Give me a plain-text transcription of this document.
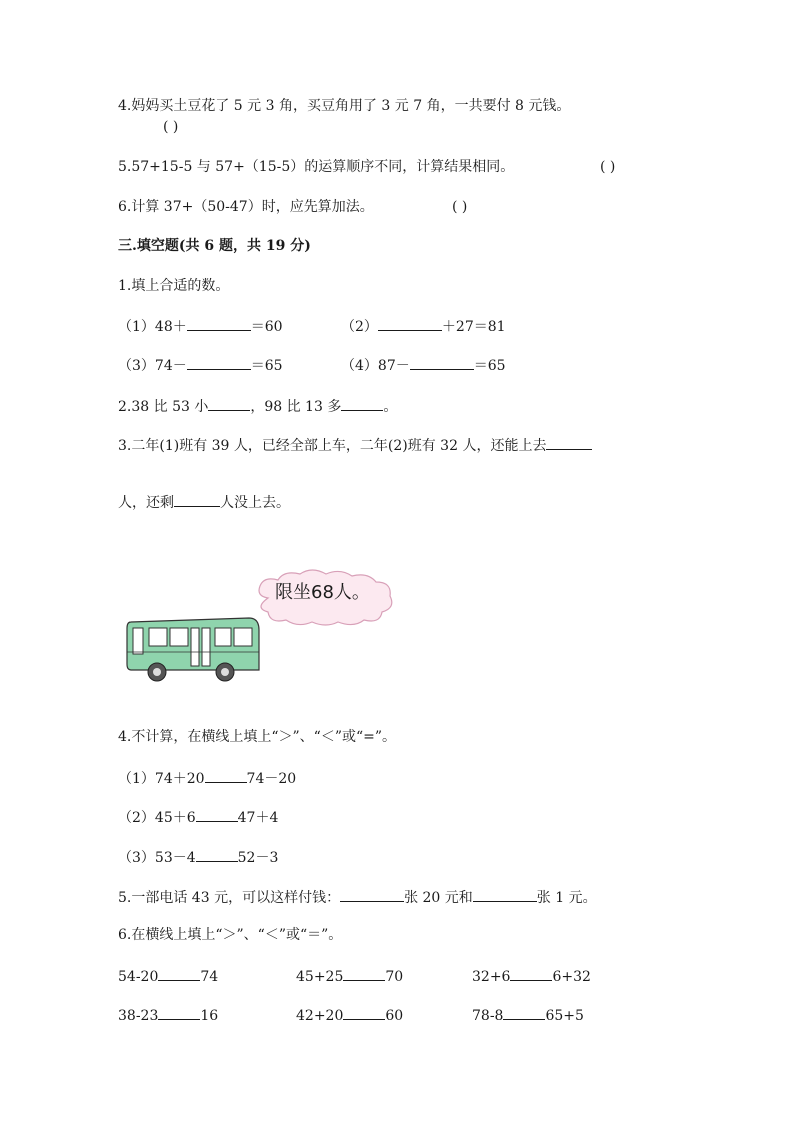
4.妈妈买土豆花了 5 元 3 角，买豆角用了 3 元 7 角，一共要付 8 元钱。
( )
5.57+15-5 与 57+（15-5）的运算顺序不同，计算结果相同。	( )
6.计算 37+（50-47）时，应先算加法。	( )
三.填空题(共 6 题，共 19 分)
1.填上合适的数。
（1）48＋	＝60	（2）	＋27＝81
（3）74－	＝65	（4）87－	＝65
2.38 比 53 小	，98 比 13 多	。
3.二年(1)班有 39 人，已经全部上车，二年(2)班有 32 人，还能上去
人，还剩	人没上去。
限坐68人。
4.不计算，在横线上填上“＞”、“＜”或“=”。
（1）74＋20	74－20
（2）45＋6	47＋4
（3）53－4	52－3
5.一部电话 43 元，可以这样付钱：	张 20 元和	张 1 元。
6.在横线上填上“＞”、“＜”或“＝”。
54-20	74	45+25	70	32+6	6+32
38-23	16	42+20	60	78-8	65+5
